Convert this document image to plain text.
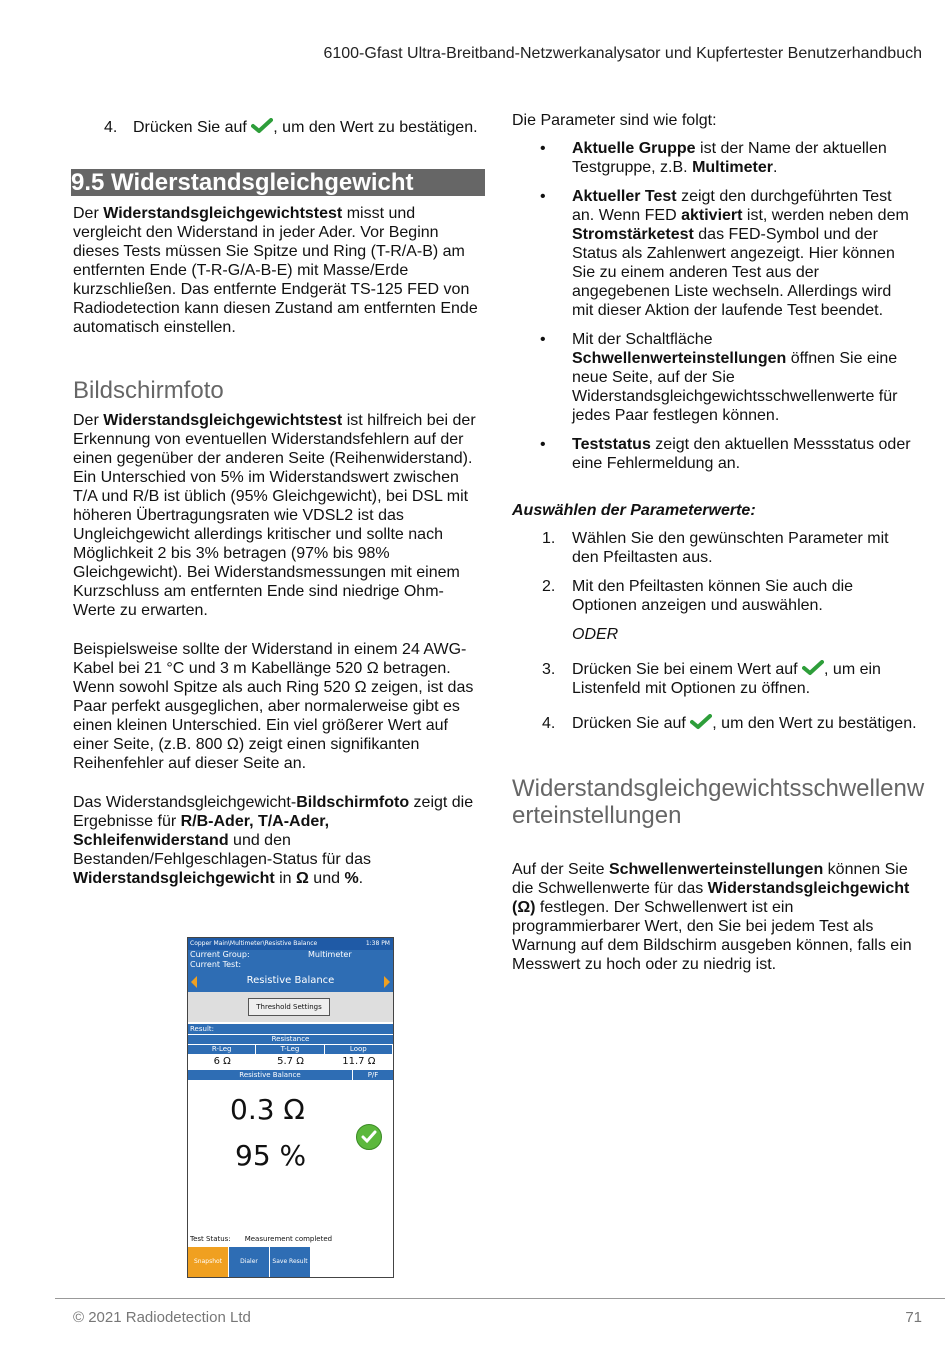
6100-Gfast Ultra-Breitband-Netzwerkanalysator und Kupfertester Benutzerhandbuch

4. Drücken Sie auf , um den Wert zu bestätigen.

9.5 Widerstandsgleichgewicht

Der Widerstandsgleichgewichtstest misst und vergleicht den Widerstand in jeder Ader. Vor Beginn dieses Tests müssen Sie Spitze und Ring (T-R/A-B) am entfernten Ende (T-R-G/A-B-E) mit Masse/Erde kurzschließen. Das entfernte Endgerät TS-125 FED von Radiodetection kann diesen Zustand am entfernten Ende automatisch einstellen.

Bildschirmfoto

Der Widerstandsgleichgewichtstest ist hilfreich bei der Erkennung von eventuellen Widerstandsfehlern auf der einen gegenüber der anderen Seite (Reihenwiderstand). Ein Unterschied von 5% im Widerstandswert zwischen T/A und R/B ist üblich (95% Gleichgewicht), bei DSL mit höheren Übertragungsraten wie VDSL2 ist das Ungleichgewicht allerdings kritischer und sollte nach Möglichkeit 2 bis 3% betragen (97% bis 98% Gleichgewicht). Bei Widerstandsmessungen mit einem Kurzschluss am entfernten Ende sind niedrige Ohm-Werte zu erwarten.

Beispielsweise sollte der Widerstand in einem 24 AWG-Kabel bei 21 °C und 3 m Kabellänge 520 Ω betragen. Wenn sowohl Spitze als auch Ring 520 Ω zeigen, ist das Paar perfekt ausgeglichen, aber normalerweise gibt es einen kleinen Unterschied. Ein viel größerer Wert auf einer Seite, (z.B. 800 Ω) zeigt einen signifikanten Reihenfehler auf dieser Seite an.

Das Widerstandsgleichgewicht-Bildschirmfoto zeigt die Ergebnisse für R/B-Ader, T/A-Ader, Schleifenwiderstand und den Bestanden/Fehlgeschlagen-Status für das Widerstandsgleichgewicht in Ω und %.

Copper Main\Multimeter\Resistive Balance	1:38 PM
Current Group:	Multimeter
Current Test:
Resistive Balance
Threshold Settings
Result:
Resistance
R-Leg	T-Leg	Loop
6 Ω	5.7 Ω	11.7 Ω
Resistive Balance	P/F
0.3 Ω
95 %
Test Status: Measurement completed
Snapshot	Dialer	Save Result

Die Parameter sind wie folgt:

• Aktuelle Gruppe ist der Name der aktuellen Testgruppe, z.B. Multimeter.
• Aktueller Test zeigt den durchgeführten Test an. Wenn FED aktiviert ist, werden neben dem Stromstärketest das FED-Symbol und der Status als Zahlenwert angezeigt. Hier können Sie zu einem anderen Test aus der angegebenen Liste wechseln. Allerdings wird mit dieser Aktion der laufende Test beendet.
• Mit der Schaltfläche Schwellenwerteinstellungen öffnen Sie eine neue Seite, auf der Sie Widerstandsgleichgewichtsschwellenwerte für jedes Paar festlegen können.
• Teststatus zeigt den aktuellen Messstatus oder eine Fehlermeldung an.

Auswählen der Parameterwerte:

1. Wählen Sie den gewünschten Parameter mit den Pfeiltasten aus.
2. Mit den Pfeiltasten können Sie auch die Optionen anzeigen und auswählen.
ODER
3. Drücken Sie bei einem Wert auf , um ein Listenfeld mit Optionen zu öffnen.
4. Drücken Sie auf , um den Wert zu bestätigen.
Widerstandsgleichgewichtsschwellenw
erteinstellungen

Auf der Seite Schwellenwerteinstellungen können Sie die Schwellenwerte für das Widerstandsgleichgewicht (Ω) festlegen. Der Schwellenwert ist ein programmierbarer Wert, den Sie bei jedem Test als Warnung auf dem Bildschirm ausgeben können, falls ein Messwert zu hoch oder zu niedrig ist.

© 2021 Radiodetection Ltd	71
